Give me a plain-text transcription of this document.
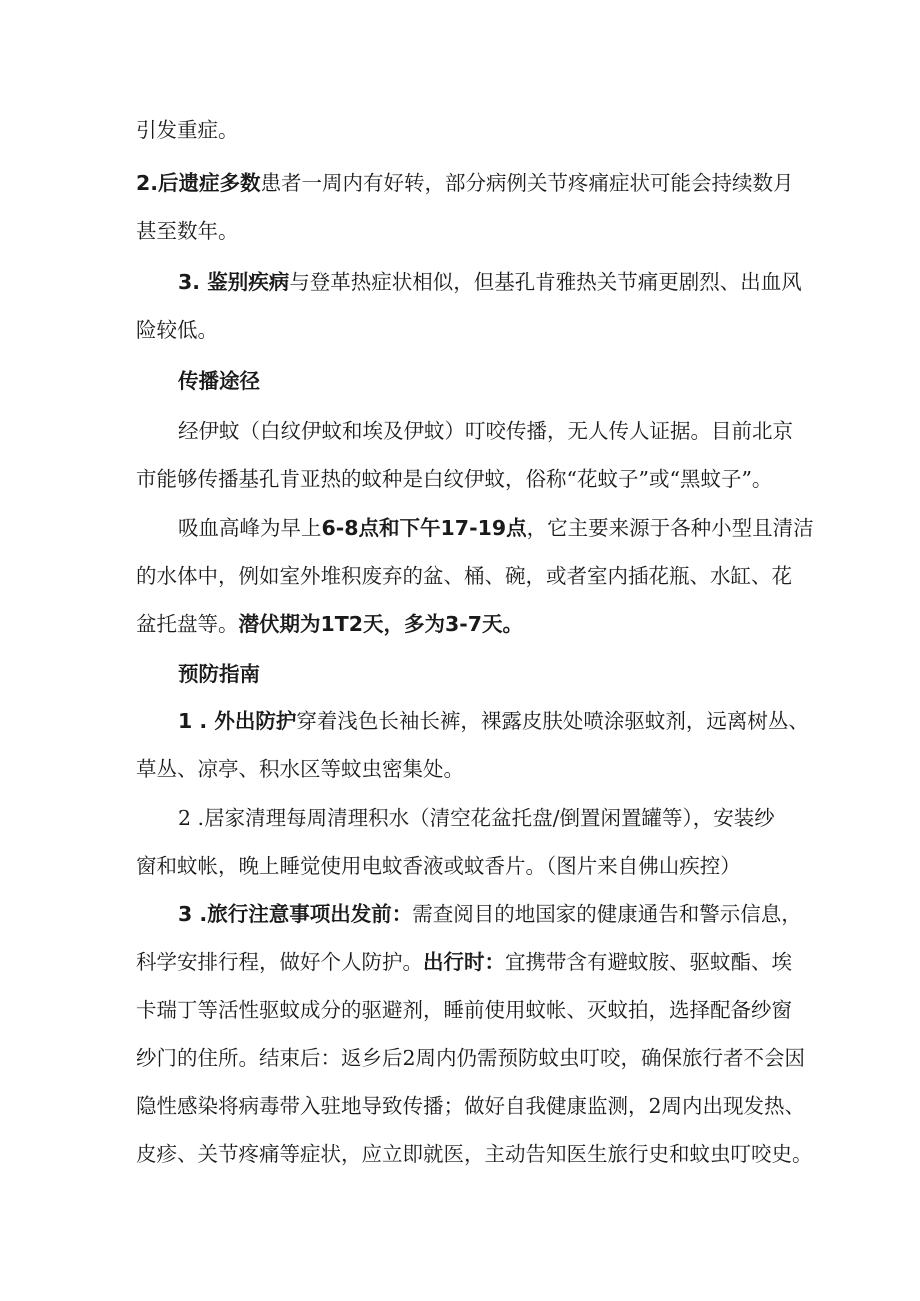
引发重症。
2.后遗症多数患者一周内有好转，部分病例关节疼痛症状可能会持续数月
甚至数年。
3. 鉴别疾病与登革热症状相似，但基孔肯雅热关节痛更剧烈、出血风
险较低。
传播途径
经伊蚊（白纹伊蚊和埃及伊蚊）叮咬传播，无人传人证据。目前北京
市能够传播基孔肯亚热的蚊种是白纹伊蚊，俗称“花蚊子”或“黑蚊子”。
吸血高峰为早上6-8点和下午17-19点，它主要来源于各种小型且清洁
的水体中，例如室外堆积废弃的盆、桶、碗，或者室内插花瓶、水缸、花
盆托盘等。潜伏期为1T2天，多为3-7天。
预防指南
1 . 外出防护穿着浅色长袖长裤，裸露皮肤处喷涂驱蚊剂，远离树丛、
草丛、凉亭、积水区等蚊虫密集处。
2 .居家清理每周清理积水（清空花盆托盘/倒置闲置罐等），安装纱
窗和蚊帐，晚上睡觉使用电蚊香液或蚊香片。（图片来自佛山疾控）
3 .旅行注意事项出发前：需查阅目的地国家的健康通告和警示信息，
科学安排行程，做好个人防护。出行时：宜携带含有避蚊胺、驱蚊酯、埃
卡瑞丁等活性驱蚊成分的驱避剂，睡前使用蚊帐、灭蚊拍，选择配备纱窗
纱门的住所。结束后：返乡后2周内仍需预防蚊虫叮咬，确保旅行者不会因
隐性感染将病毒带入驻地导致传播；做好自我健康监测，2周内出现发热、
皮疹、关节疼痛等症状，应立即就医，主动告知医生旅行史和蚊虫叮咬史。
